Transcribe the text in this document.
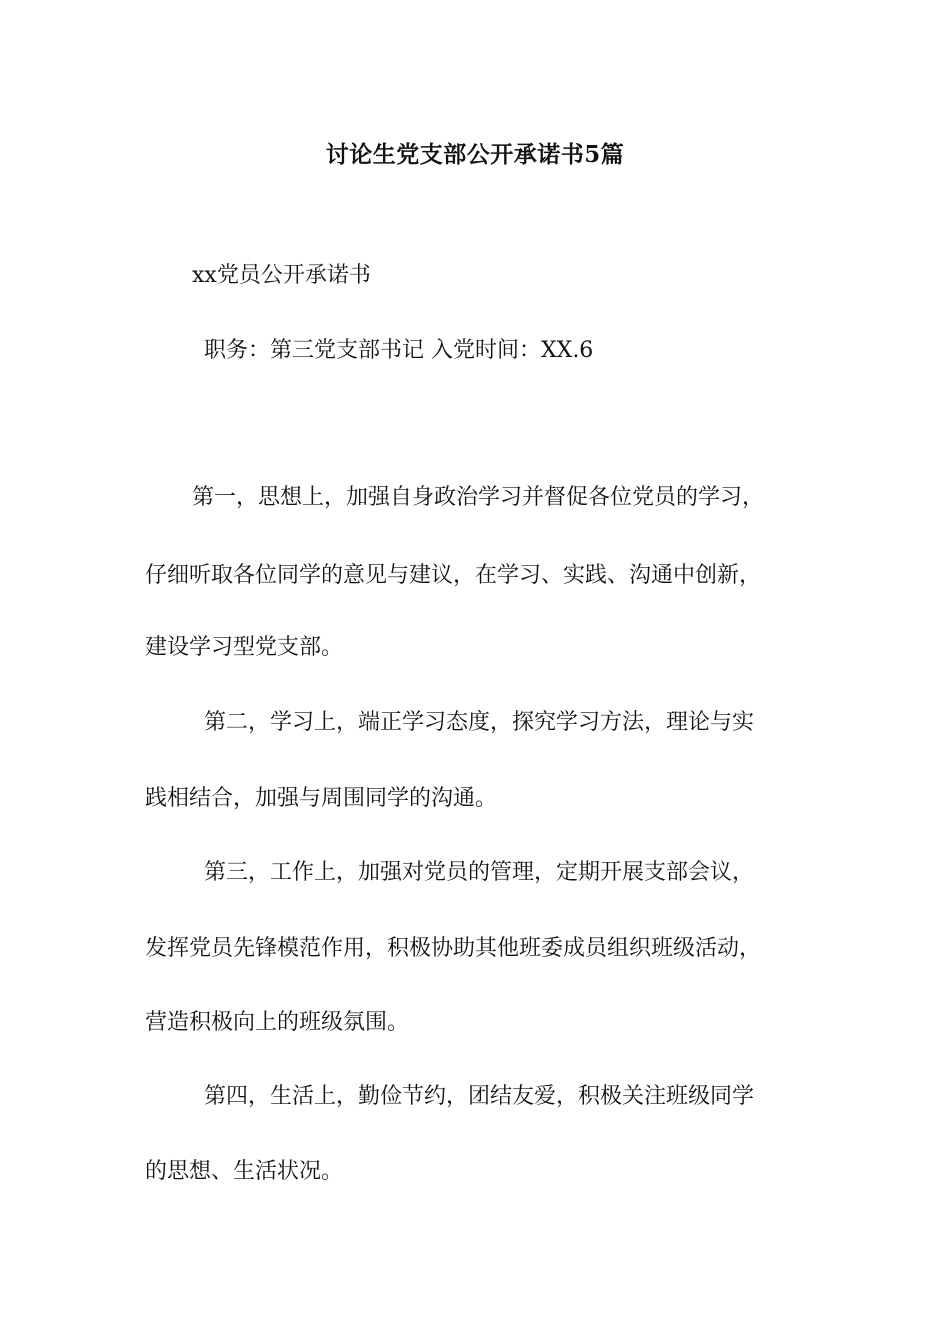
讨论生党支部公开承诺书5篇
xx党员公开承诺书
职务：第三党支部书记 入党时间：XX.6
第一，思想上，加强自身政治学习并督促各位党员的学习，
仔细听取各位同学的意见与建议，在学习、实践、沟通中创新，
建设学习型党支部。
第二，学习上，端正学习态度，探究学习方法，理论与实
践相结合，加强与周围同学的沟通。
第三，工作上，加强对党员的管理，定期开展支部会议，
发挥党员先锋模范作用，积极协助其他班委成员组织班级活动，
营造积极向上的班级氛围。
第四，生活上，勤俭节约，团结友爱，积极关注班级同学
的思想、生活状况。
